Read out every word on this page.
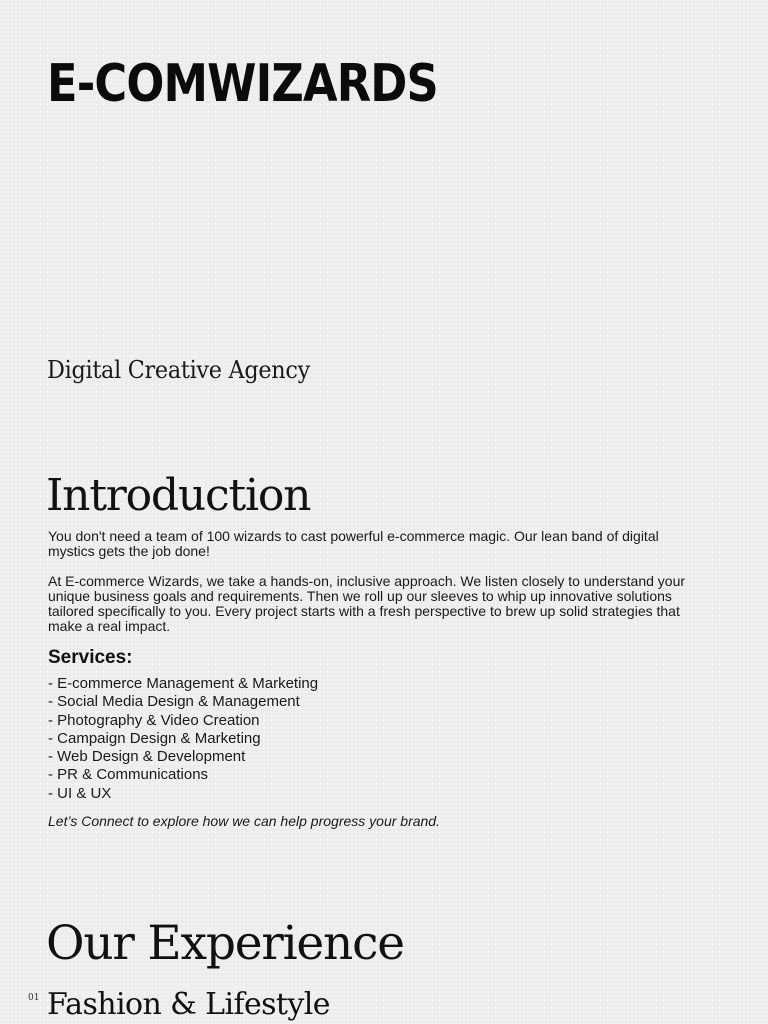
E-COMWIZARDS
Digital Creative Agency
Introduction
You don't need a team of 100 wizards to cast powerful e-commerce magic. Our lean band of digital mystics gets the job done!
At E-commerce Wizards, we take a hands-on, inclusive approach. We listen closely to understand your unique business goals and requirements. Then we roll up our sleeves to whip up innovative solutions tailored specifically to you. Every project starts with a fresh perspective to brew up solid strategies that make a real impact.
Services:
- E-commerce Management & Marketing
- Social Media Design & Management
- Photography & Video Creation
- Campaign Design & Marketing
- Web Design & Development
- PR & Communications
- UI & UX
Let’s Connect to explore how we can help progress your brand.
Our Experience
01 Fashion & Lifestyle
